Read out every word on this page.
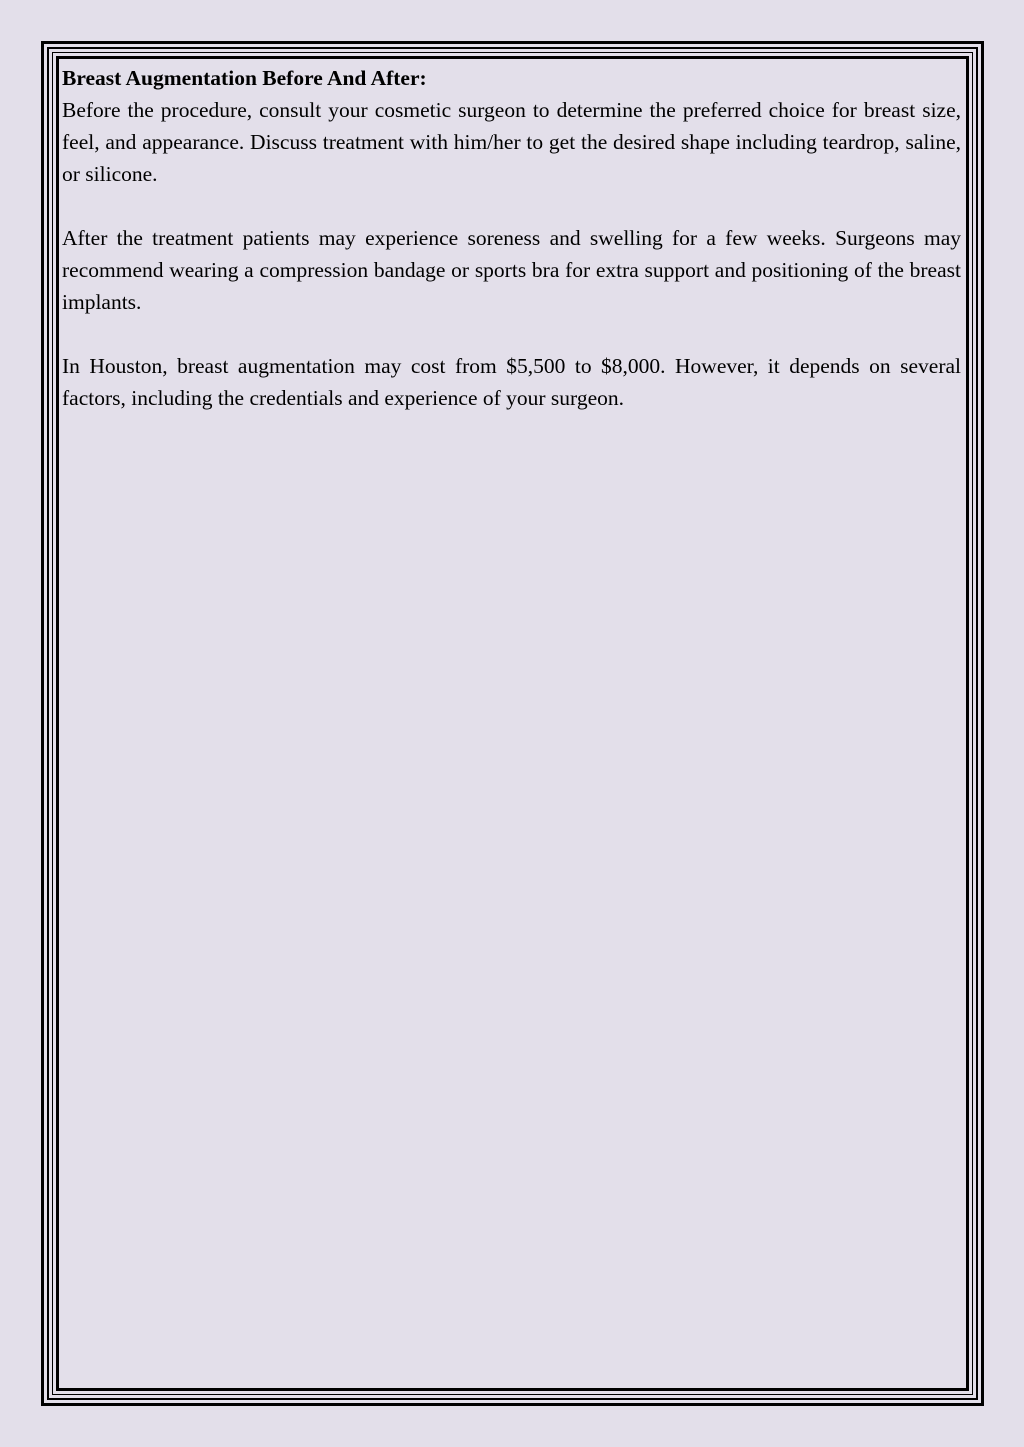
Breast Augmentation Before And After:

Before the procedure, consult your cosmetic surgeon to determine the preferred choice for breast size, feel, and appearance. Discuss treatment with him/her to get the desired shape including teardrop, saline, or silicone.

After the treatment patients may experience soreness and swelling for a few weeks. Surgeons may recommend wearing a compression bandage or sports bra for extra support and positioning of the breast implants.

In Houston, breast augmentation may cost from $5,500 to $8,000. However, it depends on several factors, including the credentials and experience of your surgeon.
